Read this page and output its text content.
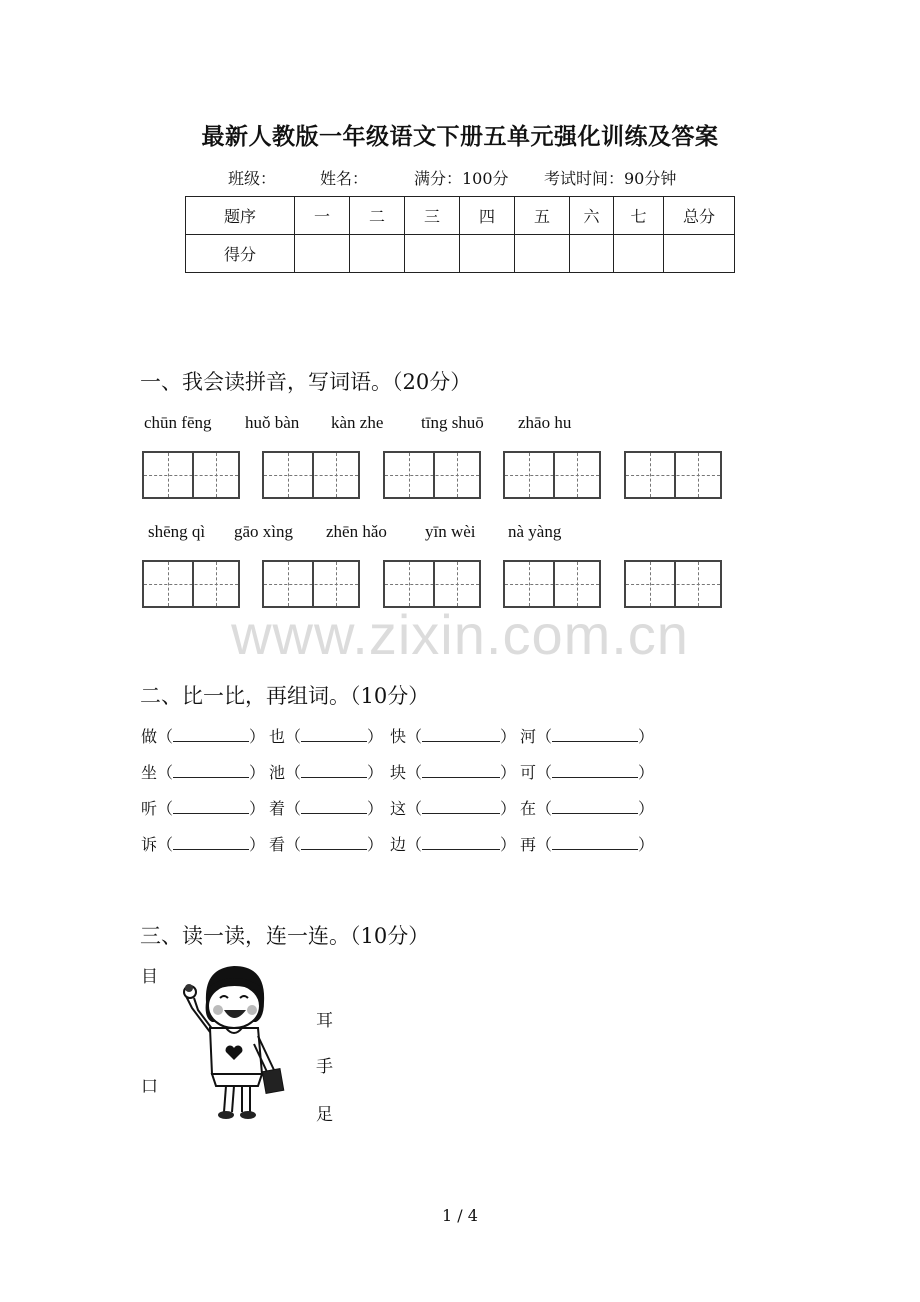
最新人教版一年级语文下册五单元强化训练及答案
班级：	姓名：	满分：100分 考试时间：90分钟
题序	一	二	三	四	五	六	七	总分
得分								
一、我会读拼音，写词语。（20分）
chūn fēng huǒ bàn kàn zhe tīng shuō zhāo hu
shēng qì gāo xìng zhēn hǎo yīn wèi nà yàng
www.zixin.com.cn
二、比一比，再组词。（10分）
做（	） 也（	） 快（	） 河（	）
坐（	） 池（	） 块（	） 可（	）
听（	） 着（	） 这（	） 在（	）
诉（	） 看（	） 边（	） 再（	）
三、读一读，连一连。（10分）
目
口
耳
手
足
1 / 4
